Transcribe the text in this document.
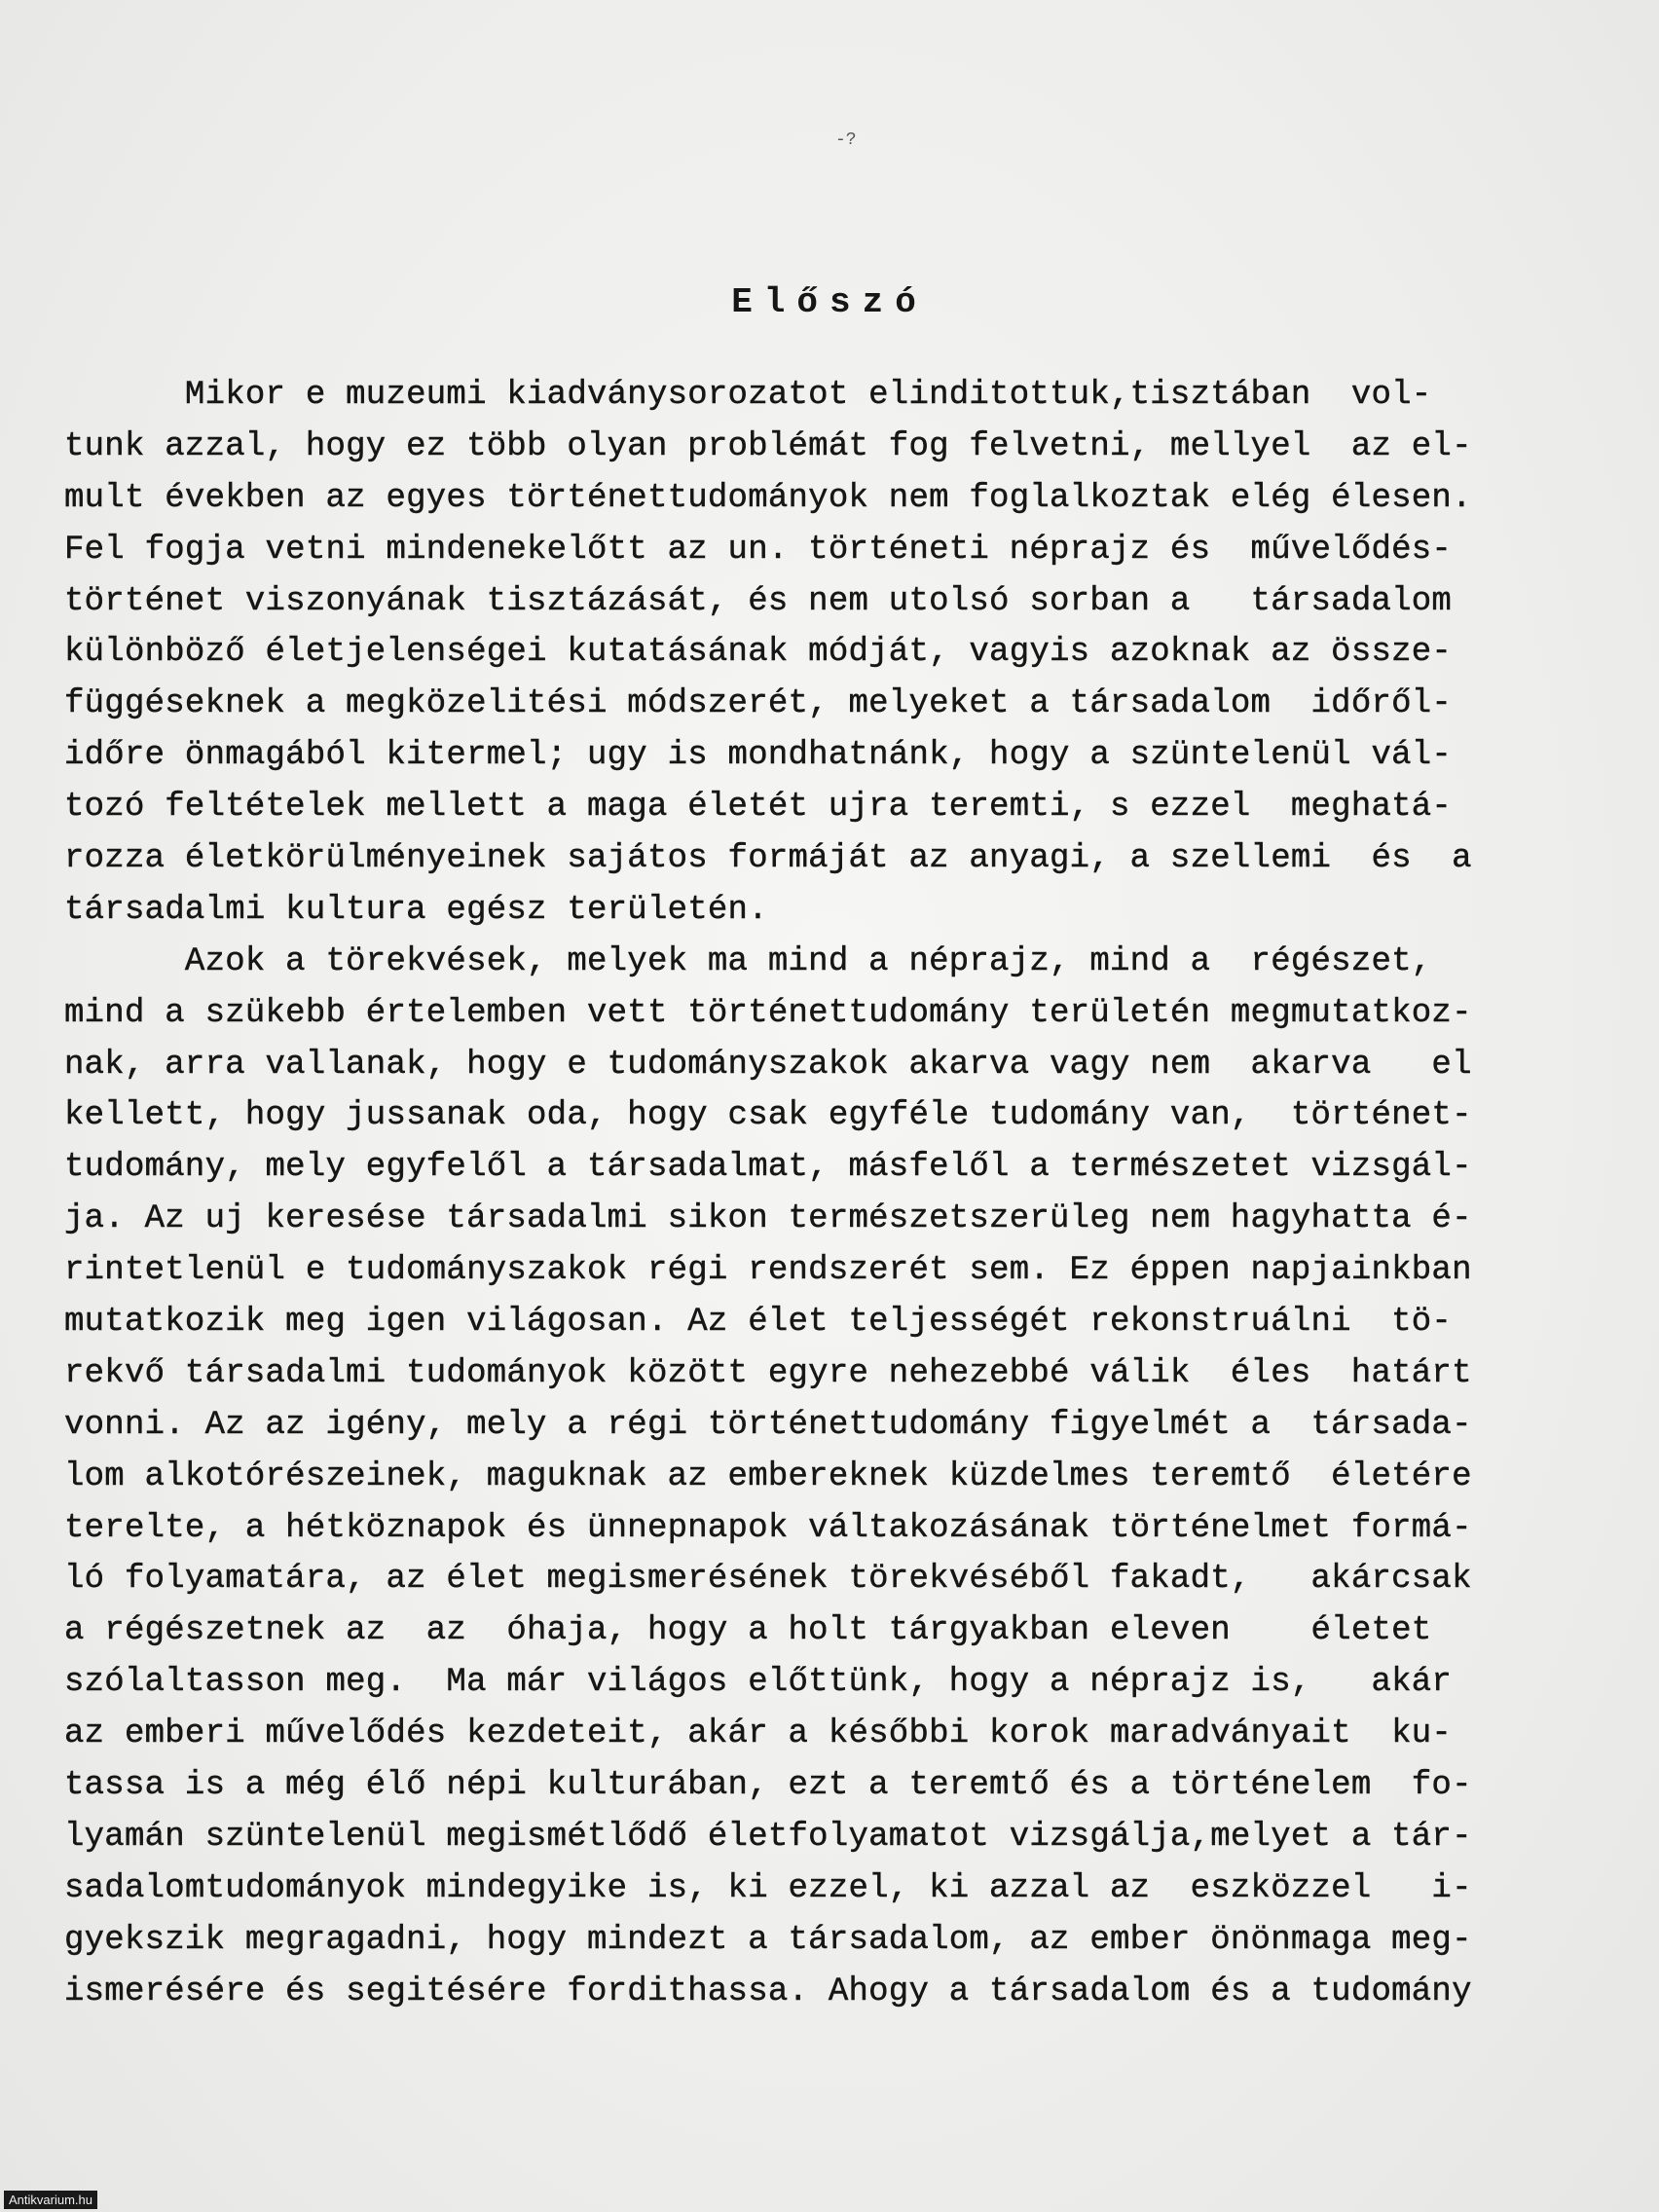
-?
Előszó
Mikor e muzeumi kiadványsorozatot elinditottuk,tisztában  vol-
tunk azzal, hogy ez több olyan problémát fog felvetni, mellyel  az el-
mult években az egyes történettudományok nem foglalkoztak elég élesen.
Fel fogja vetni mindenekelőtt az un. történeti néprajz és  művelődés-
történet viszonyának tisztázását, és nem utolsó sorban a   társadalom
különböző életjelenségei kutatásának módját, vagyis azoknak az össze-
függéseknek a megközelitési módszerét, melyeket a társadalom  időről-
időre önmagából kitermel; ugy is mondhatnánk, hogy a szüntelenül vál-
tozó feltételek mellett a maga életét ujra teremti, s ezzel  meghatá-
rozza életkörülményeinek sajátos formáját az anyagi, a szellemi  és  a
társadalmi kultura egész területén.
Azok a törekvések, melyek ma mind a néprajz, mind a  régészet,
mind a szükebb értelemben vett történettudomány területén megmutatkoz-
nak, arra vallanak, hogy e tudományszakok akarva vagy nem  akarva   el
kellett, hogy jussanak oda, hogy csak egyféle tudomány van,  történet-
tudomány, mely egyfelől a társadalmat, másfelől a természetet vizsgál-
ja. Az uj keresése társadalmi sikon természetszerüleg nem hagyhatta é-
rintetlenül e tudományszakok régi rendszerét sem. Ez éppen napjainkban
mutatkozik meg igen világosan. Az élet teljességét rekonstruálni  tö-
rekvő társadalmi tudományok között egyre nehezebbé válik  éles  határt
vonni. Az az igény, mely a régi történettudomány figyelmét a  társada-
lom alkotórészeinek, maguknak az embereknek küzdelmes teremtő  életére
terelte, a hétköznapok és ünnepnapok váltakozásának történelmet formá-
ló folyamatára, az élet megismerésének törekvéséből fakadt,   akárcsak
a régészetnek az  az  óhaja, hogy a holt tárgyakban eleven    életet
szólaltasson meg.  Ma már világos előttünk, hogy a néprajz is,   akár
az emberi művelődés kezdeteit, akár a későbbi korok maradványait  ku-
tassa is a még élő népi kulturában, ezt a teremtő és a történelem  fo-
lyamán szüntelenül megismétlődő életfolyamatot vizsgálja,melyet a tár-
sadalomtudományok mindegyike is, ki ezzel, ki azzal az  eszközzel   i-
gyekszik megragadni, hogy mindezt a társadalom, az ember önönmaga meg-
ismerésére és segitésére fordithassa. Ahogy a társadalom és a tudomány
Antikvarium.hu
